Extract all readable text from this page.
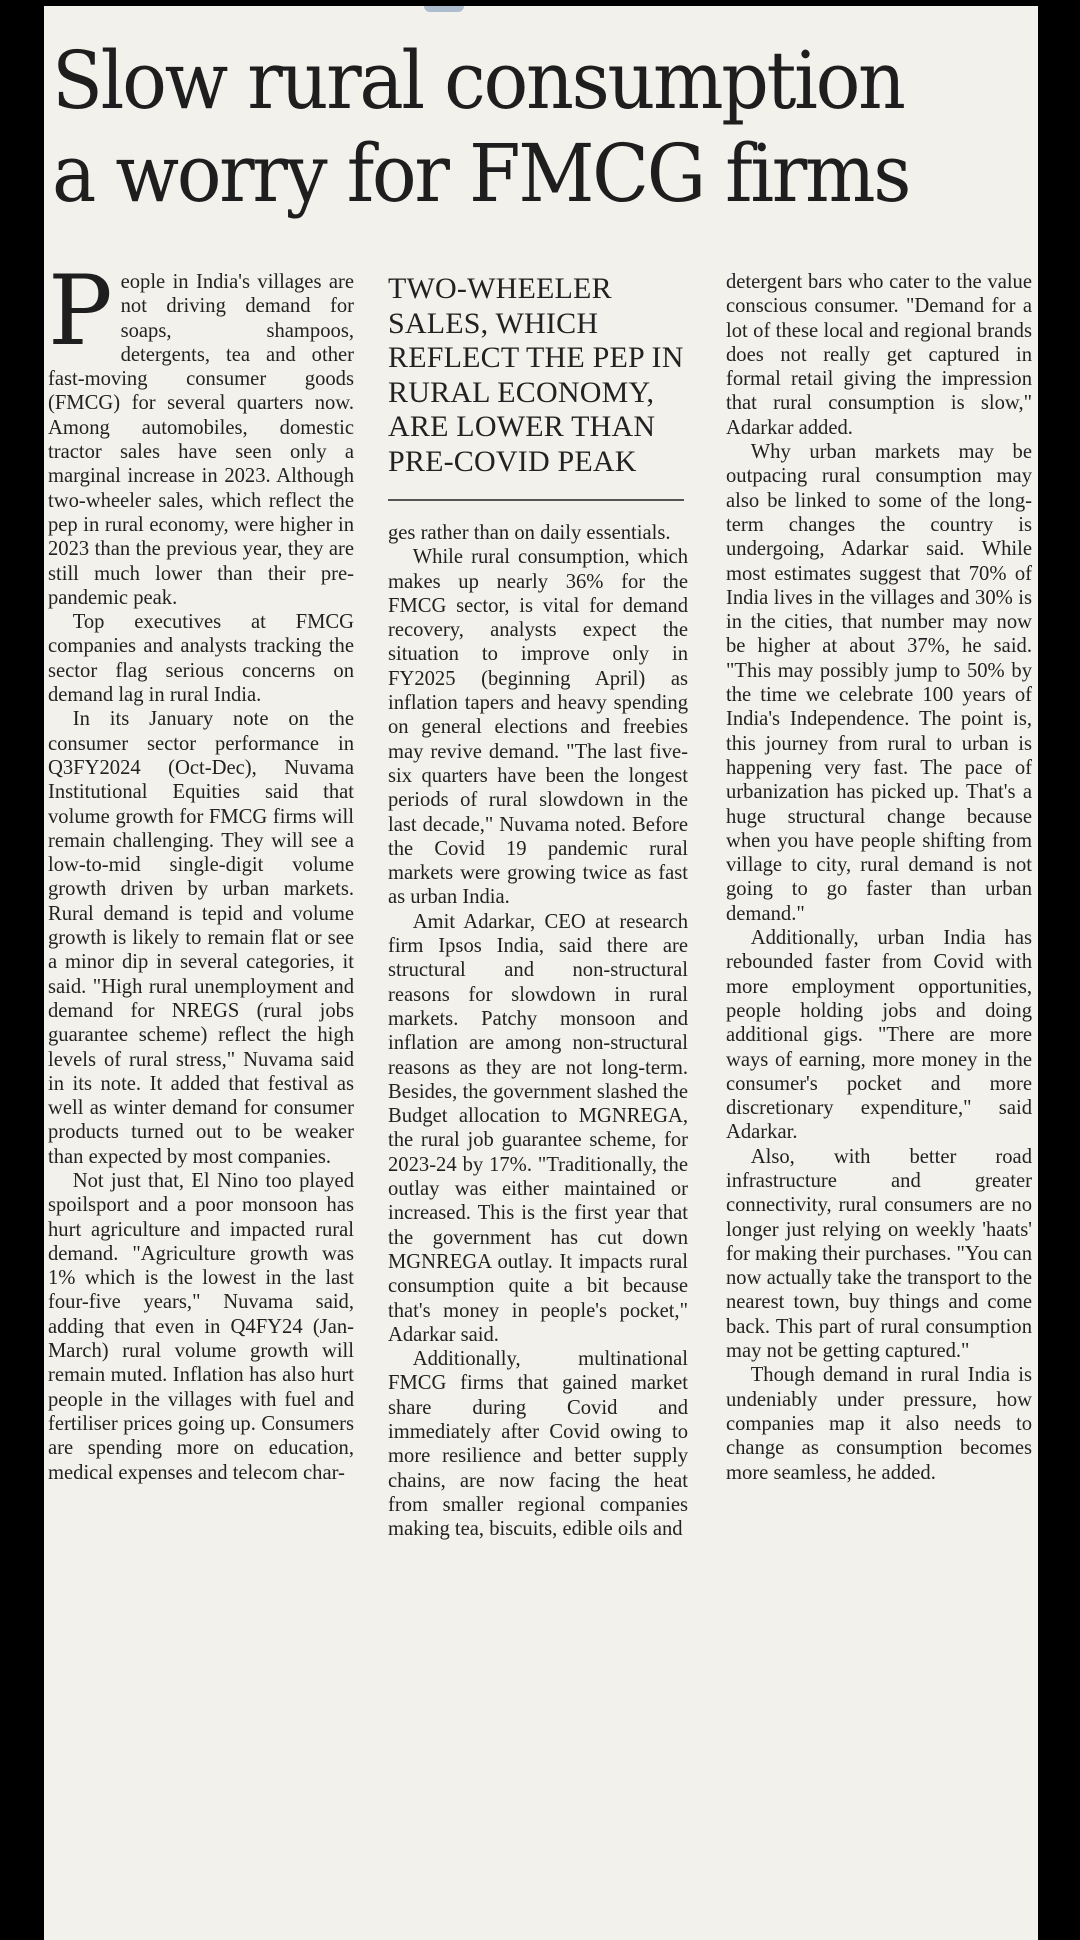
Slow rural consumption
a worry for FMCG firms

People in India's villages are not driving demand for soaps, shampoos, detergents, tea and other fast-moving consumer goods (FMCG) for several quarters now. Among automobiles, domestic tractor sales have seen only a marginal increase in 2023. Although two-wheeler sales, which reflect the pep in rural economy, were higher in 2023 than the previous year, they are still much lower than their pre-pandemic peak.

Top executives at FMCG companies and analysts tracking the sector flag serious concerns on demand lag in rural India.

In its January note on the consumer sector performance in Q3FY2024 (Oct-Dec), Nuvama Institutional Equities said that volume growth for FMCG firms will remain challenging. They will see a low-to-mid single-digit volume growth driven by urban markets. Rural demand is tepid and volume growth is likely to remain flat or see a minor dip in several categories, it said. "High rural unemployment and demand for NREGS (rural jobs guarantee scheme) reflect the high levels of rural stress," Nuvama said in its note. It added that festival as well as winter demand for consumer products turned out to be weaker than expected by most companies.

Not just that, El Nino too played spoilsport and a poor monsoon has hurt agriculture and impacted rural demand. "Agriculture growth was 1% which is the lowest in the last four-five years," Nuvama said, adding that even in Q4FY24 (Jan-March) rural volume growth will remain muted. Inflation has also hurt people in the villages with fuel and fertiliser prices going up. Consumers are spending more on education, medical expenses and telecom char-

TWO-WHEELER SALES, WHICH REFLECT THE PEP IN RURAL ECONOMY, ARE LOWER THAN PRE-COVID PEAK

ges rather than on daily essentials.

While rural consumption, which makes up nearly 36% for the FMCG sector, is vital for demand recovery, analysts expect the situation to improve only in FY2025 (beginning April) as inflation tapers and heavy spending on general elections and freebies may revive demand. "The last five-six quarters have been the longest periods of rural slowdown in the last decade," Nuvama noted. Before the Covid 19 pandemic rural markets were growing twice as fast as urban India.

Amit Adarkar, CEO at research firm Ipsos India, said there are structural and non-structural reasons for slowdown in rural markets. Patchy monsoon and inflation are among non-structural reasons as they are not long-term. Besides, the government slashed the Budget allocation to MGNREGA, the rural job guarantee scheme, for 2023-24 by 17%. "Traditionally, the outlay was either maintained or increased. This is the first year that the government has cut down MGNREGA outlay. It impacts rural consumption quite a bit because that's money in people's pocket," Adarkar said.

Additionally, multinational FMCG firms that gained market share during Covid and immediately after Covid owing to more resilience and better supply chains, are now facing the heat from smaller regional companies making tea, biscuits, edible oils and

detergent bars who cater to the value conscious consumer. "Demand for a lot of these local and regional brands does not really get captured in formal retail giving the impression that rural consumption is slow," Adarkar added.

Why urban markets may be outpacing rural consumption may also be linked to some of the long-term changes the country is undergoing, Adarkar said. While most estimates suggest that 70% of India lives in the villages and 30% is in the cities, that number may now be higher at about 37%, he said. "This may possibly jump to 50% by the time we celebrate 100 years of India's Independence. The point is, this journey from rural to urban is happening very fast. The pace of urbanization has picked up. That's a huge structural change because when you have people shifting from village to city, rural demand is not going to go faster than urban demand."

Additionally, urban India has rebounded faster from Covid with more employment opportunities, people holding jobs and doing additional gigs. "There are more ways of earning, more money in the consumer's pocket and more discretionary expenditure," said Adarkar.

Also, with better road infrastructure and greater connectivity, rural consumers are no longer just relying on weekly 'haats' for making their purchases. "You can now actually take the transport to the nearest town, buy things and come back. This part of rural consumption may not be getting captured."

Though demand in rural India is undeniably under pressure, how companies map it also needs to change as consumption becomes more seamless, he added.
